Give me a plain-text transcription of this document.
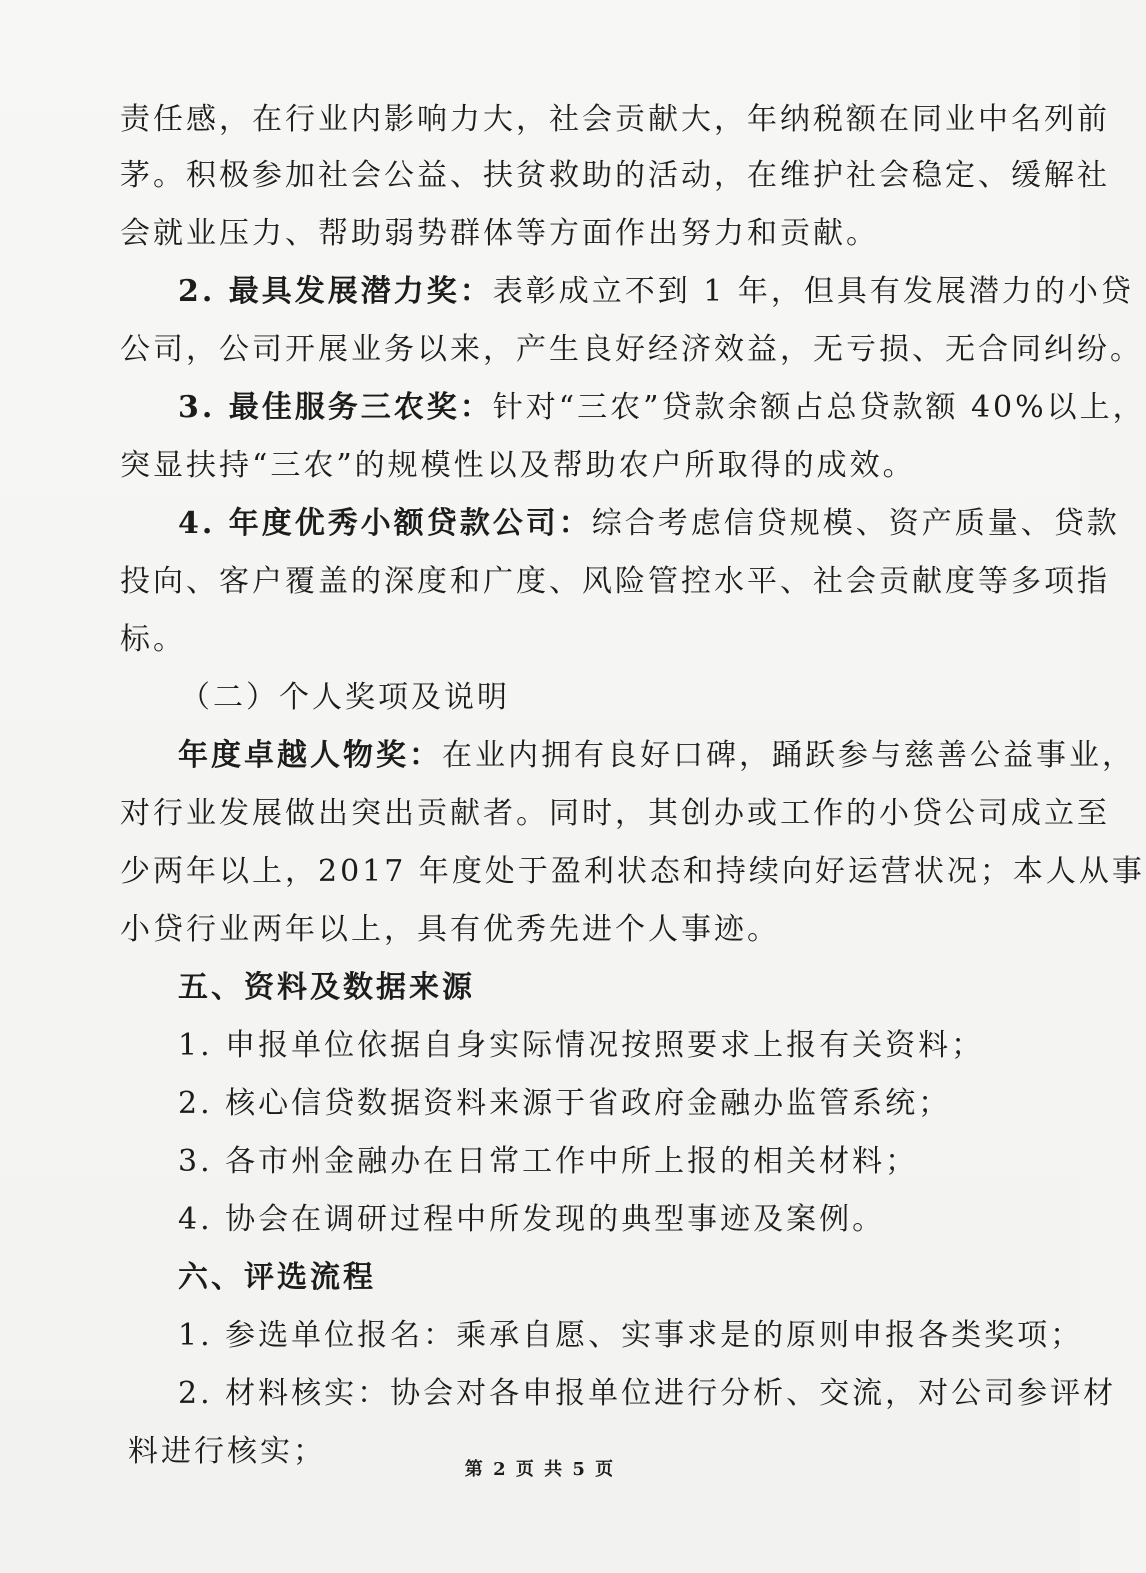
责任感，在行业内影响力大，社会贡献大，年纳税额在同业中名列前
茅。积极参加社会公益、扶贫救助的活动，在维护社会稳定、缓解社
会就业压力、帮助弱势群体等方面作出努力和贡献。
2. 最具发展潜力奖：表彰成立不到 1 年，但具有发展潜力的小贷
公司，公司开展业务以来，产生良好经济效益，无亏损、无合同纠纷。
3. 最佳服务三农奖：针对“三农”贷款余额占总贷款额 40%以上，
突显扶持“三农”的规模性以及帮助农户所取得的成效。
4. 年度优秀小额贷款公司：综合考虑信贷规模、资产质量、贷款
投向、客户覆盖的深度和广度、风险管控水平、社会贡献度等多项指
标。
（二）个人奖项及说明
年度卓越人物奖：在业内拥有良好口碑，踊跃参与慈善公益事业，
对行业发展做出突出贡献者。同时，其创办或工作的小贷公司成立至
少两年以上，2017 年度处于盈利状态和持续向好运营状况；本人从事
小贷行业两年以上，具有优秀先进个人事迹。
五、资料及数据来源
1. 申报单位依据自身实际情况按照要求上报有关资料；
2. 核心信贷数据资料来源于省政府金融办监管系统；
3. 各市州金融办在日常工作中所上报的相关材料；
4. 协会在调研过程中所发现的典型事迹及案例。
六、评选流程
1. 参选单位报名：乘承自愿、实事求是的原则申报各类奖项；
2. 材料核实：协会对各申报单位进行分析、交流，对公司参评材
料进行核实；
第 2 页 共 5 页
